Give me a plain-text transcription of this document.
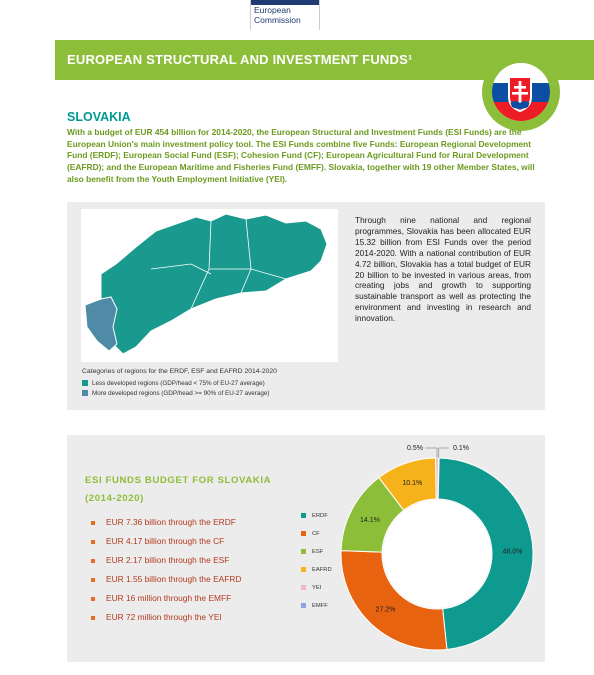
European
Commission
EUROPEAN STRUCTURAL AND INVESTMENT FUNDS¹
SLOVAKIA
With a budget of EUR 454 billion for 2014-2020, the European Structural and Investment Funds (ESI Funds) are the European Union's main investment policy tool. The ESI Funds combine five Funds: European Regional Development Fund (ERDF); European Social Fund (ESF); Cohesion Fund (CF); European Agricultural Fund for Rural Development (EAFRD); and the European Maritime and Fisheries Fund (EMFF). Slovakia, together with 19 other Member States, will also benefit from the Youth Employment Initiative (YEI).
Categories of regions for the ERDF, ESF and EAFRD 2014-2020
Less developed regions (GDP/head < 75% of EU-27 average)
More developed regions (GDP/head >= 90% of EU-27 average)
Through nine national and regional programmes, Slovakia has been allocated EUR 15.32 billion from ESI Funds over the period 2014-2020. With a national contribution of EUR 4.72 billion, Slovakia has a total budget of EUR 20 billion to be invested in various areas, from creating jobs and growth to supporting sustainable transport as well as protecting the environment and investing in research and innovation.
ESI FUNDS BUDGET FOR SLOVAKIA
(2014-2020)
EUR 7.36 billion through the ERDF
EUR 4.17 billion through the CF
EUR 2.17 billion through the ESF
EUR 1.55 billion through the EAFRD
EUR 16 million through the EMFF
EUR 72 million through the YEI
ERDF
CF
ESF
EAFRD
YEI
EMFF
0.5%	0.1%
48.0%
27.2%
14.1%
10.1%
